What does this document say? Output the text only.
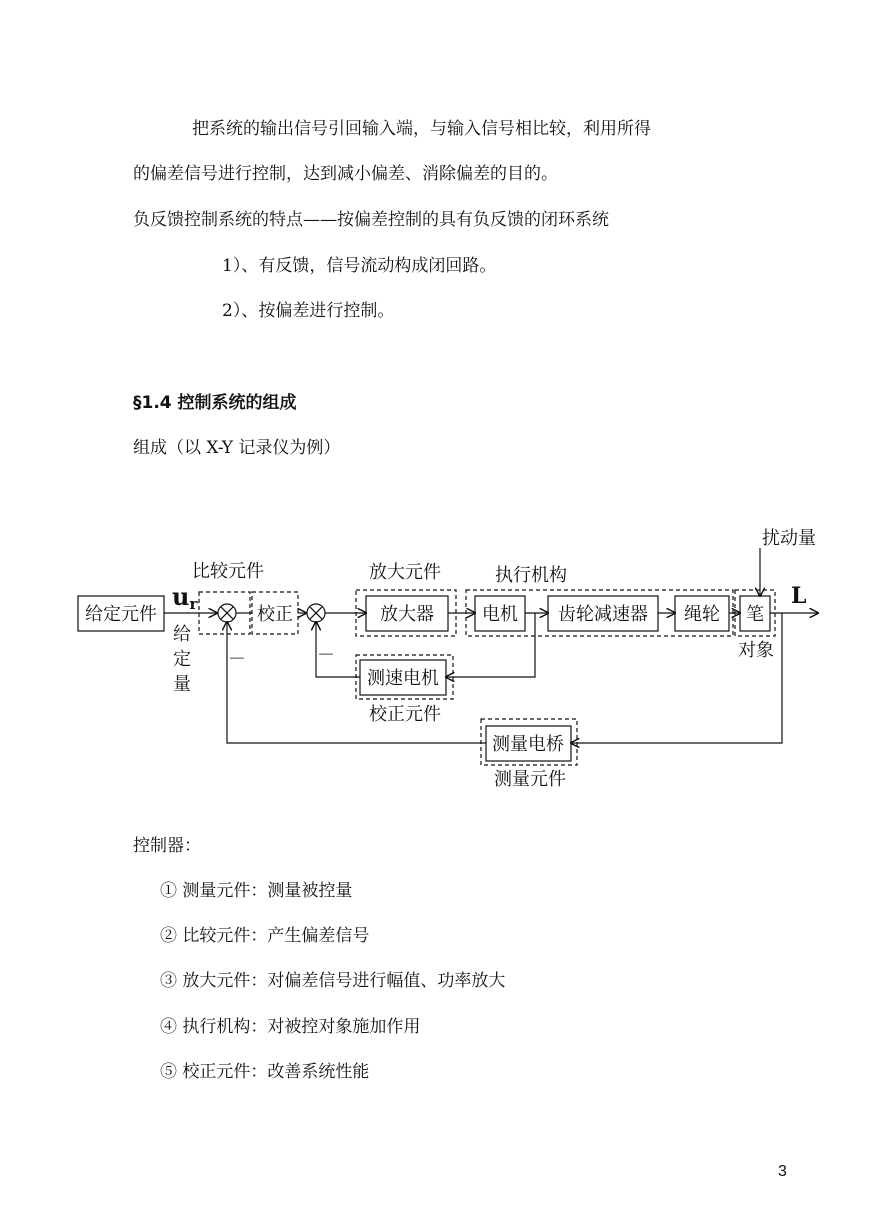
把系统的输出信号引回输入端，与输入信号相比较，利用所得
的偏差信号进行控制，达到减小偏差、消除偏差的目的。
负反馈控制系统的特点——按偏差控制的具有负反馈的闭环系统
1）、有反馈，信号流动构成闭回路。
2）、按偏差进行控制。
§1.4 控制系统的组成
组成（以 X-Y 记录仪为例）
给定元件	校正	放大器	电机 齿轮减速器 绳轮 笔
测速电机
测量电桥
比较元件	放大元件	执行机构
扰动量
对象
校正元件
测量元件
给
定
量
－	－
ur	L
控制器：
① 测量元件：测量被控量
② 比较元件：产生偏差信号
③ 放大元件：对偏差信号进行幅值、功率放大
④ 执行机构：对被控对象施加作用
⑤ 校正元件：改善系统性能
3
